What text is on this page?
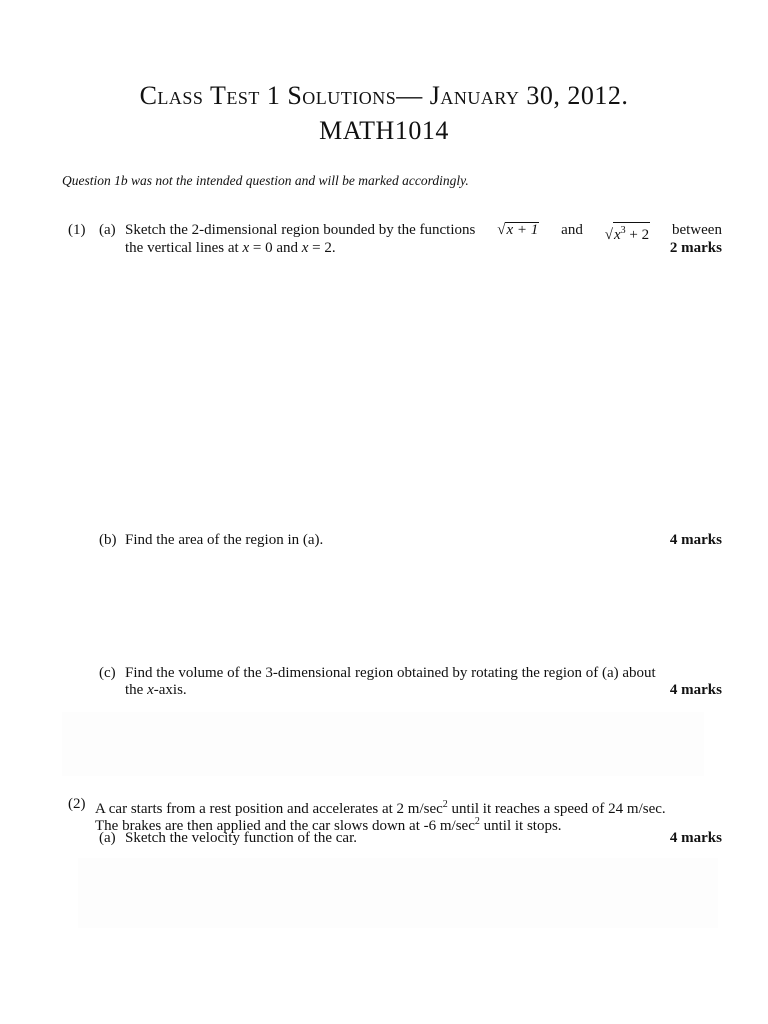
Class Test 1 Solutions— January 30, 2012.
MATH1014
Question 1b was not the intended question and will be marked accordingly.
(1) (a) Sketch the 2-dimensional region bounded by the functions √x + 1 and $√x^3 + 2$ between
the vertical lines at x = 0 and x = 2.	2 marks
(b) Find the area of the region in (a).	4 marks
(c) Find the volume of the 3-dimensional region obtained by rotating the region of (a) about
the x-axis.	4 marks
(2) A car starts from a rest position and accelerates at 2 $m/\sec^2$ until it reaches a speed of 24 m/sec.
The brakes are then applied and the car slows down at -6 $m/\sec^2$ until it stops.
(a) Sketch the velocity function of the car.	4 marks
